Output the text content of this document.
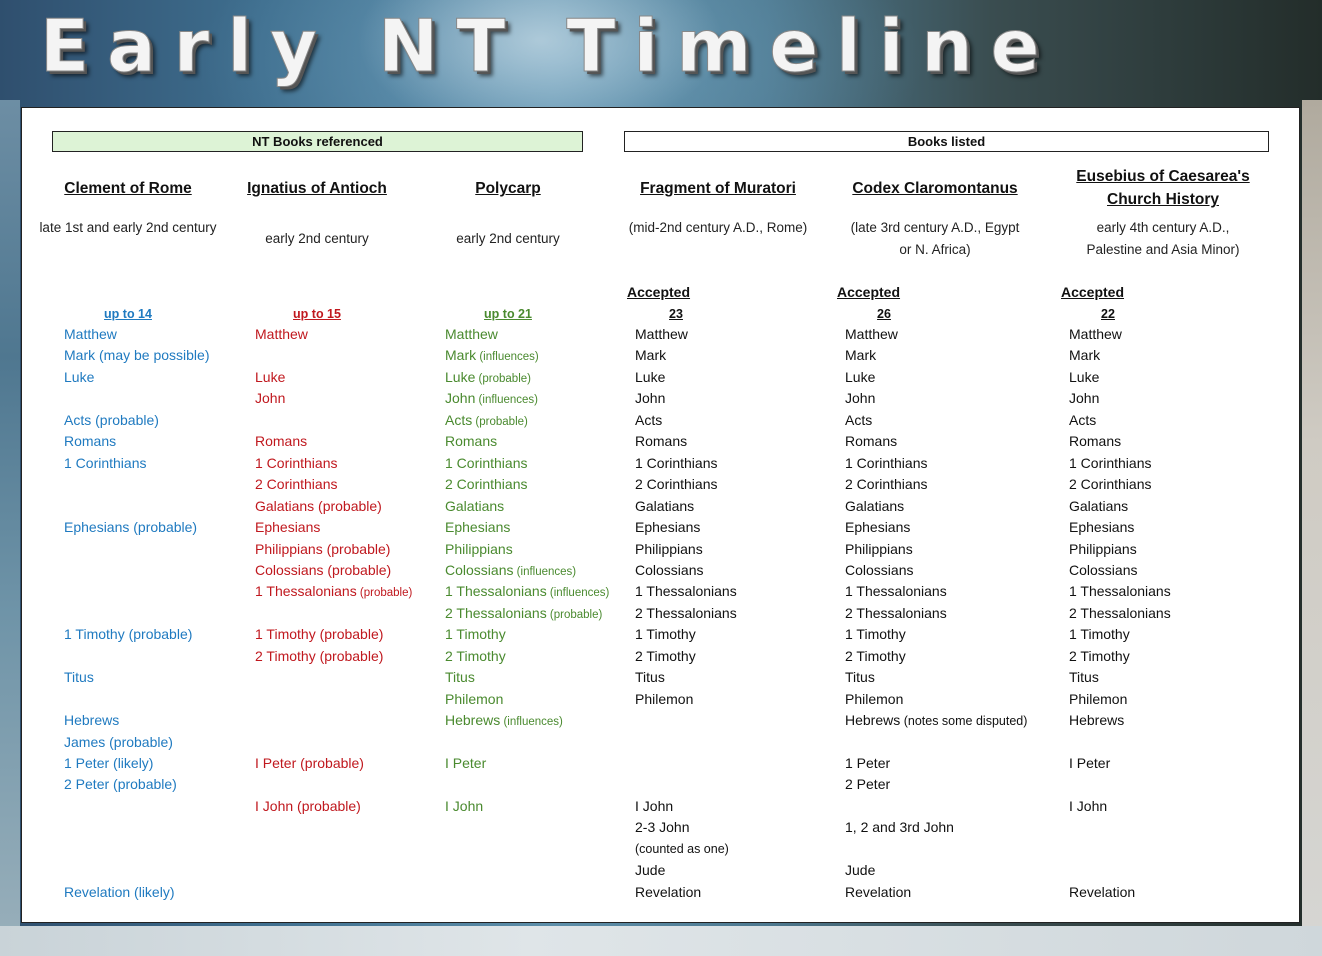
Early NT Timeline
NT Books referenced	Books listed
Clement of Rome
late 1st and early 2nd century
up to 14
Matthew
Mark (may be possible)
Luke
Acts (probable)
Romans
1 Corinthians
Ephesians (probable)
1 Timothy (probable)
Titus
Hebrews
James (probable)
1 Peter (likely)
2 Peter (probable)
Revelation (likely)
Ignatius of Antioch
early 2nd century
up to 15
Matthew
Luke
John
Romans
1 Corinthians
2 Corinthians
Galatians (probable)
Ephesians
Philippians (probable)
Colossians (probable)
1 Thessalonians (probable)
1 Timothy (probable)
2 Timothy (probable)
I Peter (probable)
I John (probable)
Polycarp
early 2nd century
up to 21
Matthew
Mark (influences)
Luke (probable)
John (influences)
Acts (probable)
Romans
1 Corinthians
2 Corinthians
Galatians
Ephesians
Philippians
Colossians (influences)
1 Thessalonians (influences)
2 Thessalonians (probable)
1 Timothy
2 Timothy
Titus
Philemon
Hebrews (influences)
I Peter
I John
Fragment of Muratori
(mid-2nd century A.D., Rome)
Accepted
23
Matthew
Mark
Luke
John
Acts
Romans
1 Corinthians
2 Corinthians
Galatians
Ephesians
Philippians
Colossians
1 Thessalonians
2 Thessalonians
1 Timothy
2 Timothy
Titus
Philemon
I John
2-3 John
(counted as one)
Jude
Revelation
Codex Claromontanus
(late 3rd century A.D., Egypt or N. Africa)
Accepted
26
Matthew
Mark
Luke
John
Acts
Romans
1 Corinthians
2 Corinthians
Galatians
Ephesians
Philippians
Colossians
1 Thessalonians
2 Thessalonians
1 Timothy
2 Timothy
Titus
Philemon
Hebrews (notes some disputed)
1 Peter
2 Peter
1, 2 and 3rd John
Jude
Revelation
Eusebius of Caesarea's
Church History
early 4th century A.D., Palestine and Asia Minor)
Accepted
22
Matthew
Mark
Luke
John
Acts
Romans
1 Corinthians
2 Corinthians
Galatians
Ephesians
Philippians
Colossians
1 Thessalonians
2 Thessalonians
1 Timothy
2 Timothy
Titus
Philemon
Hebrews
I Peter
I John
Revelation
